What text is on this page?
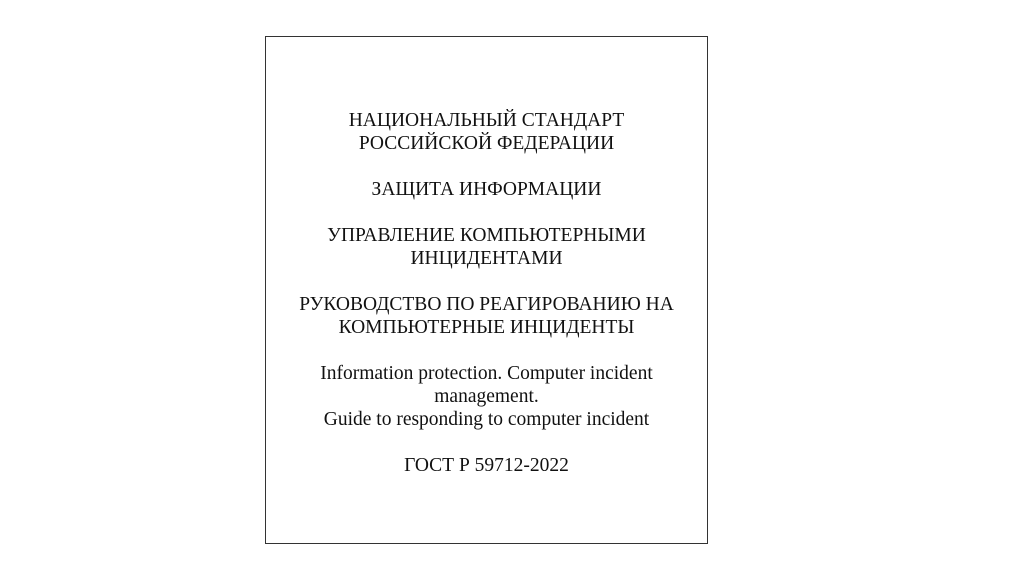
НАЦИОНАЛЬНЫЙ СТАНДАРТ
РОССИЙСКОЙ ФЕДЕРАЦИИ
ЗАЩИТА ИНФОРМАЦИИ
УПРАВЛЕНИЕ КОМПЬЮТЕРНЫМИ
ИНЦИДЕНТАМИ
РУКОВОДСТВО ПО РЕАГИРОВАНИЮ НА
КОМПЬЮТЕРНЫЕ ИНЦИДЕНТЫ
Information protection. Computer incident
management.
Guide to responding to computer incident
ГОСТ Р 59712-2022
